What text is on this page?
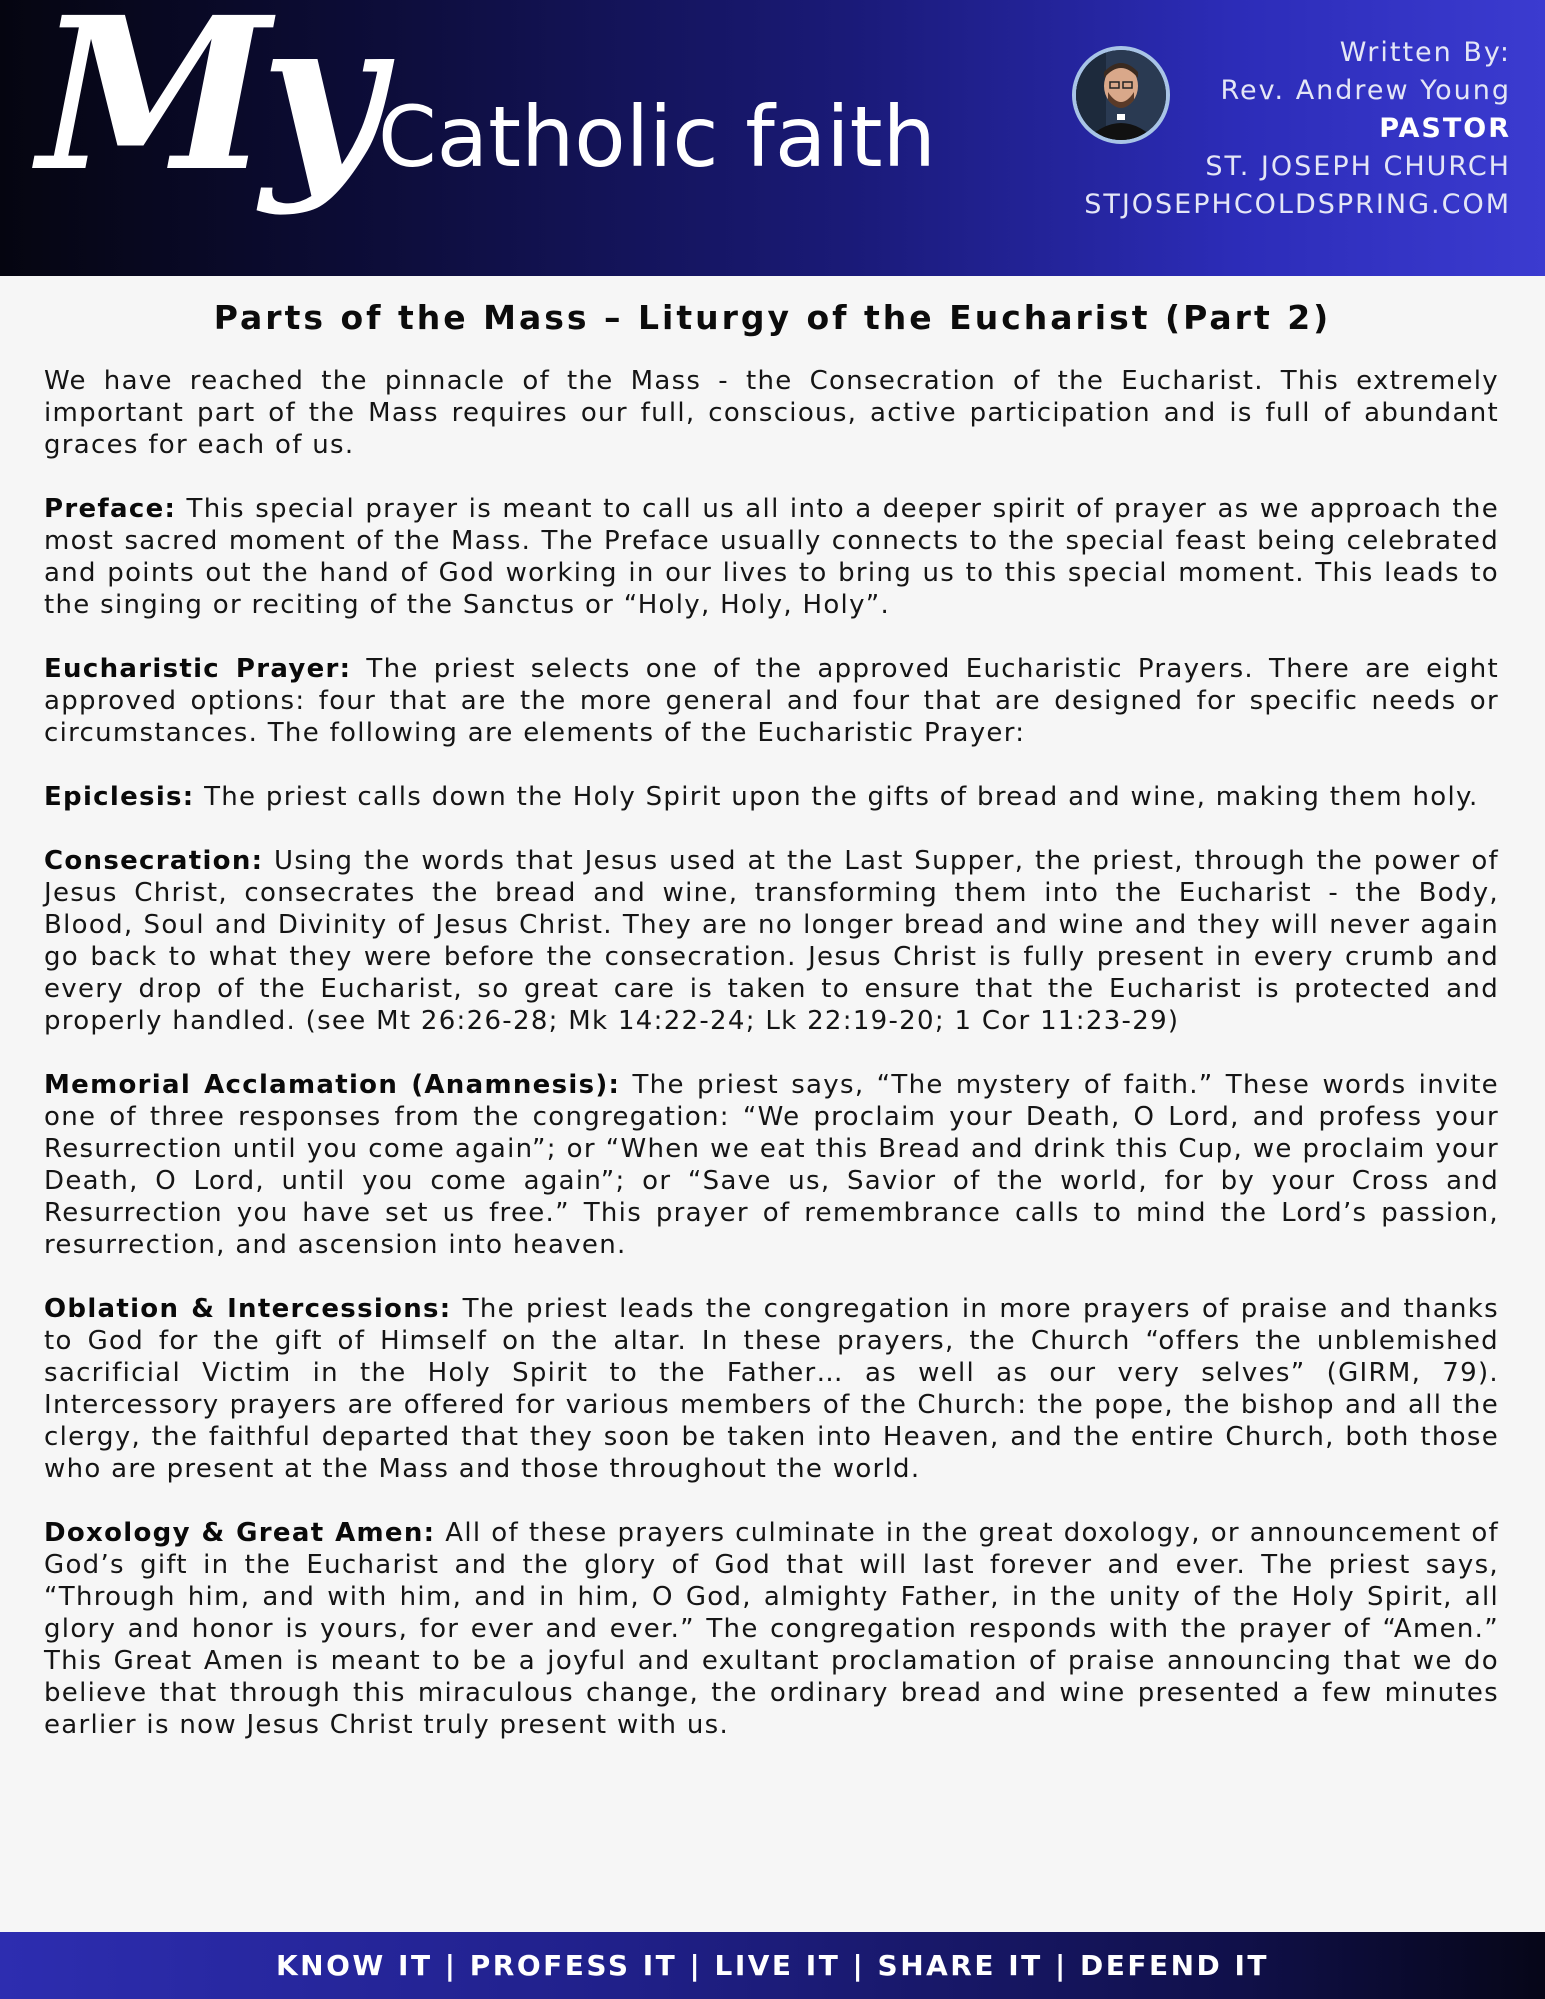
My Catholic faith
Written By:
Rev. Andrew Young
PASTOR
ST. JOSEPH CHURCH
STJOSEPHCOLDSPRING.COM
Parts of the Mass – Liturgy of the Eucharist (Part 2)

We have reached the pinnacle of the Mass - the Consecration of the Eucharist. This extremely important part of the Mass requires our full, conscious, active participation and is full of abundant graces for each of us.

Preface: This special prayer is meant to call us all into a deeper spirit of prayer as we approach the most sacred moment of the Mass. The Preface usually connects to the special feast being celebrated and points out the hand of God working in our lives to bring us to this special moment. This leads to the singing or reciting of the Sanctus or “Holy, Holy, Holy”.

Eucharistic Prayer: The priest selects one of the approved Eucharistic Prayers. There are eight approved options: four that are the more general and four that are designed for specific needs or circumstances. The following are elements of the Eucharistic Prayer:

Epiclesis: The priest calls down the Holy Spirit upon the gifts of bread and wine, making them holy.

Consecration: Using the words that Jesus used at the Last Supper, the priest, through the power of Jesus Christ, consecrates the bread and wine, transforming them into the Eucharist - the Body, Blood, Soul and Divinity of Jesus Christ. They are no longer bread and wine and they will never again go back to what they were before the consecration. Jesus Christ is fully present in every crumb and every drop of the Eucharist, so great care is taken to ensure that the Eucharist is protected and properly handled. (see Mt 26:26-28; Mk 14:22-24; Lk 22:19-20; 1 Cor 11:23-29)

Memorial Acclamation (Anamnesis): The priest says, “The mystery of faith.” These words invite one of three responses from the congregation: “We proclaim your Death, O Lord, and profess your Resurrection until you come again”; or “When we eat this Bread and drink this Cup, we proclaim your Death, O Lord, until you come again”; or “Save us, Savior of the world, for by your Cross and Resurrection you have set us free.” This prayer of remembrance calls to mind the Lord’s passion, resurrection, and ascension into heaven.

Oblation & Intercessions: The priest leads the congregation in more prayers of praise and thanks to God for the gift of Himself on the altar. In these prayers, the Church “offers the unblemished sacrificial Victim in the Holy Spirit to the Father… as well as our very selves” (GIRM, 79). Intercessory prayers are offered for various members of the Church: the pope, the bishop and all the clergy, the faithful departed that they soon be taken into Heaven, and the entire Church, both those who are present at the Mass and those throughout the world.

Doxology & Great Amen: All of these prayers culminate in the great doxology, or announcement of God’s gift in the Eucharist and the glory of God that will last forever and ever. The priest says, “Through him, and with him, and in him, O God, almighty Father, in the unity of the Holy Spirit, all glory and honor is yours, for ever and ever.” The congregation responds with the prayer of “Amen.” This Great Amen is meant to be a joyful and exultant proclamation of praise announcing that we do believe that through this miraculous change, the ordinary bread and wine presented a few minutes earlier is now Jesus Christ truly present with us.

KNOW IT | PROFESS IT | LIVE IT | SHARE IT | DEFEND IT
